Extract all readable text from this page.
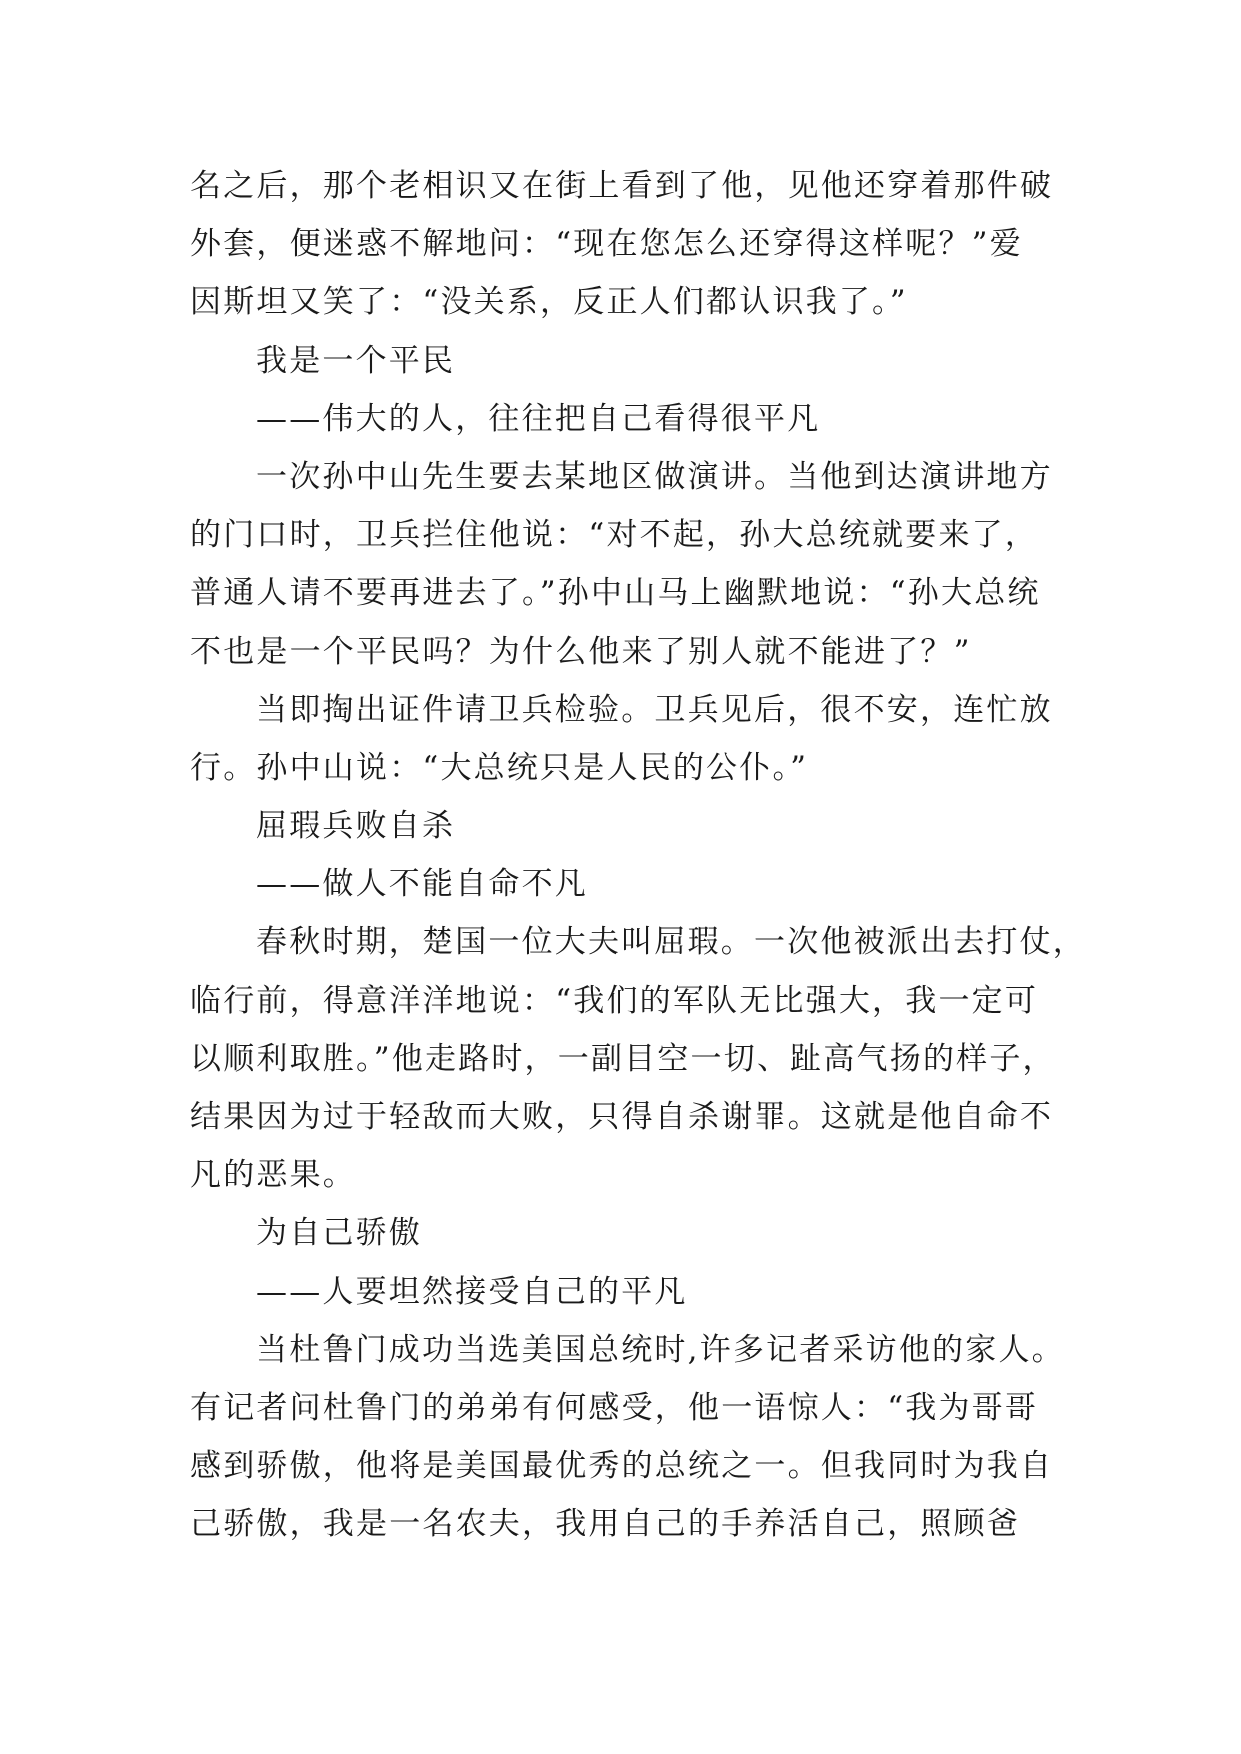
名之后，那个老相识又在街上看到了他，见他还穿着那件破
外套，便迷惑不解地问：“现在您怎么还穿得这样呢？”爱
因斯坦又笑了：“没关系，反正人们都认识我了。”
我是一个平民
——伟大的人，往往把自己看得很平凡
一次孙中山先生要去某地区做演讲。当他到达演讲地方
的门口时，卫兵拦住他说：“对不起，孙大总统就要来了，
普通人请不要再进去了。”孙中山马上幽默地说：“孙大总统
不也是一个平民吗？为什么他来了别人就不能进了？”
当即掏出证件请卫兵检验。卫兵见后，很不安，连忙放
行。孙中山说：“大总统只是人民的公仆。”
屈瑕兵败自杀
——做人不能自命不凡
春秋时期，楚国一位大夫叫屈瑕。一次他被派出去打仗，
临行前，得意洋洋地说：“我们的军队无比强大，我一定可
以顺利取胜。”他走路时，一副目空一切、趾高气扬的样子，
结果因为过于轻敌而大败，只得自杀谢罪。这就是他自命不
凡的恶果。
为自己骄傲
——人要坦然接受自己的平凡
当杜鲁门成功当选美国总统时,许多记者采访他的家人。
有记者问杜鲁门的弟弟有何感受，他一语惊人：“我为哥哥
感到骄傲，他将是美国最优秀的总统之一。但我同时为我自
己骄傲，我是一名农夫，我用自己的手养活自己，照顾爸
